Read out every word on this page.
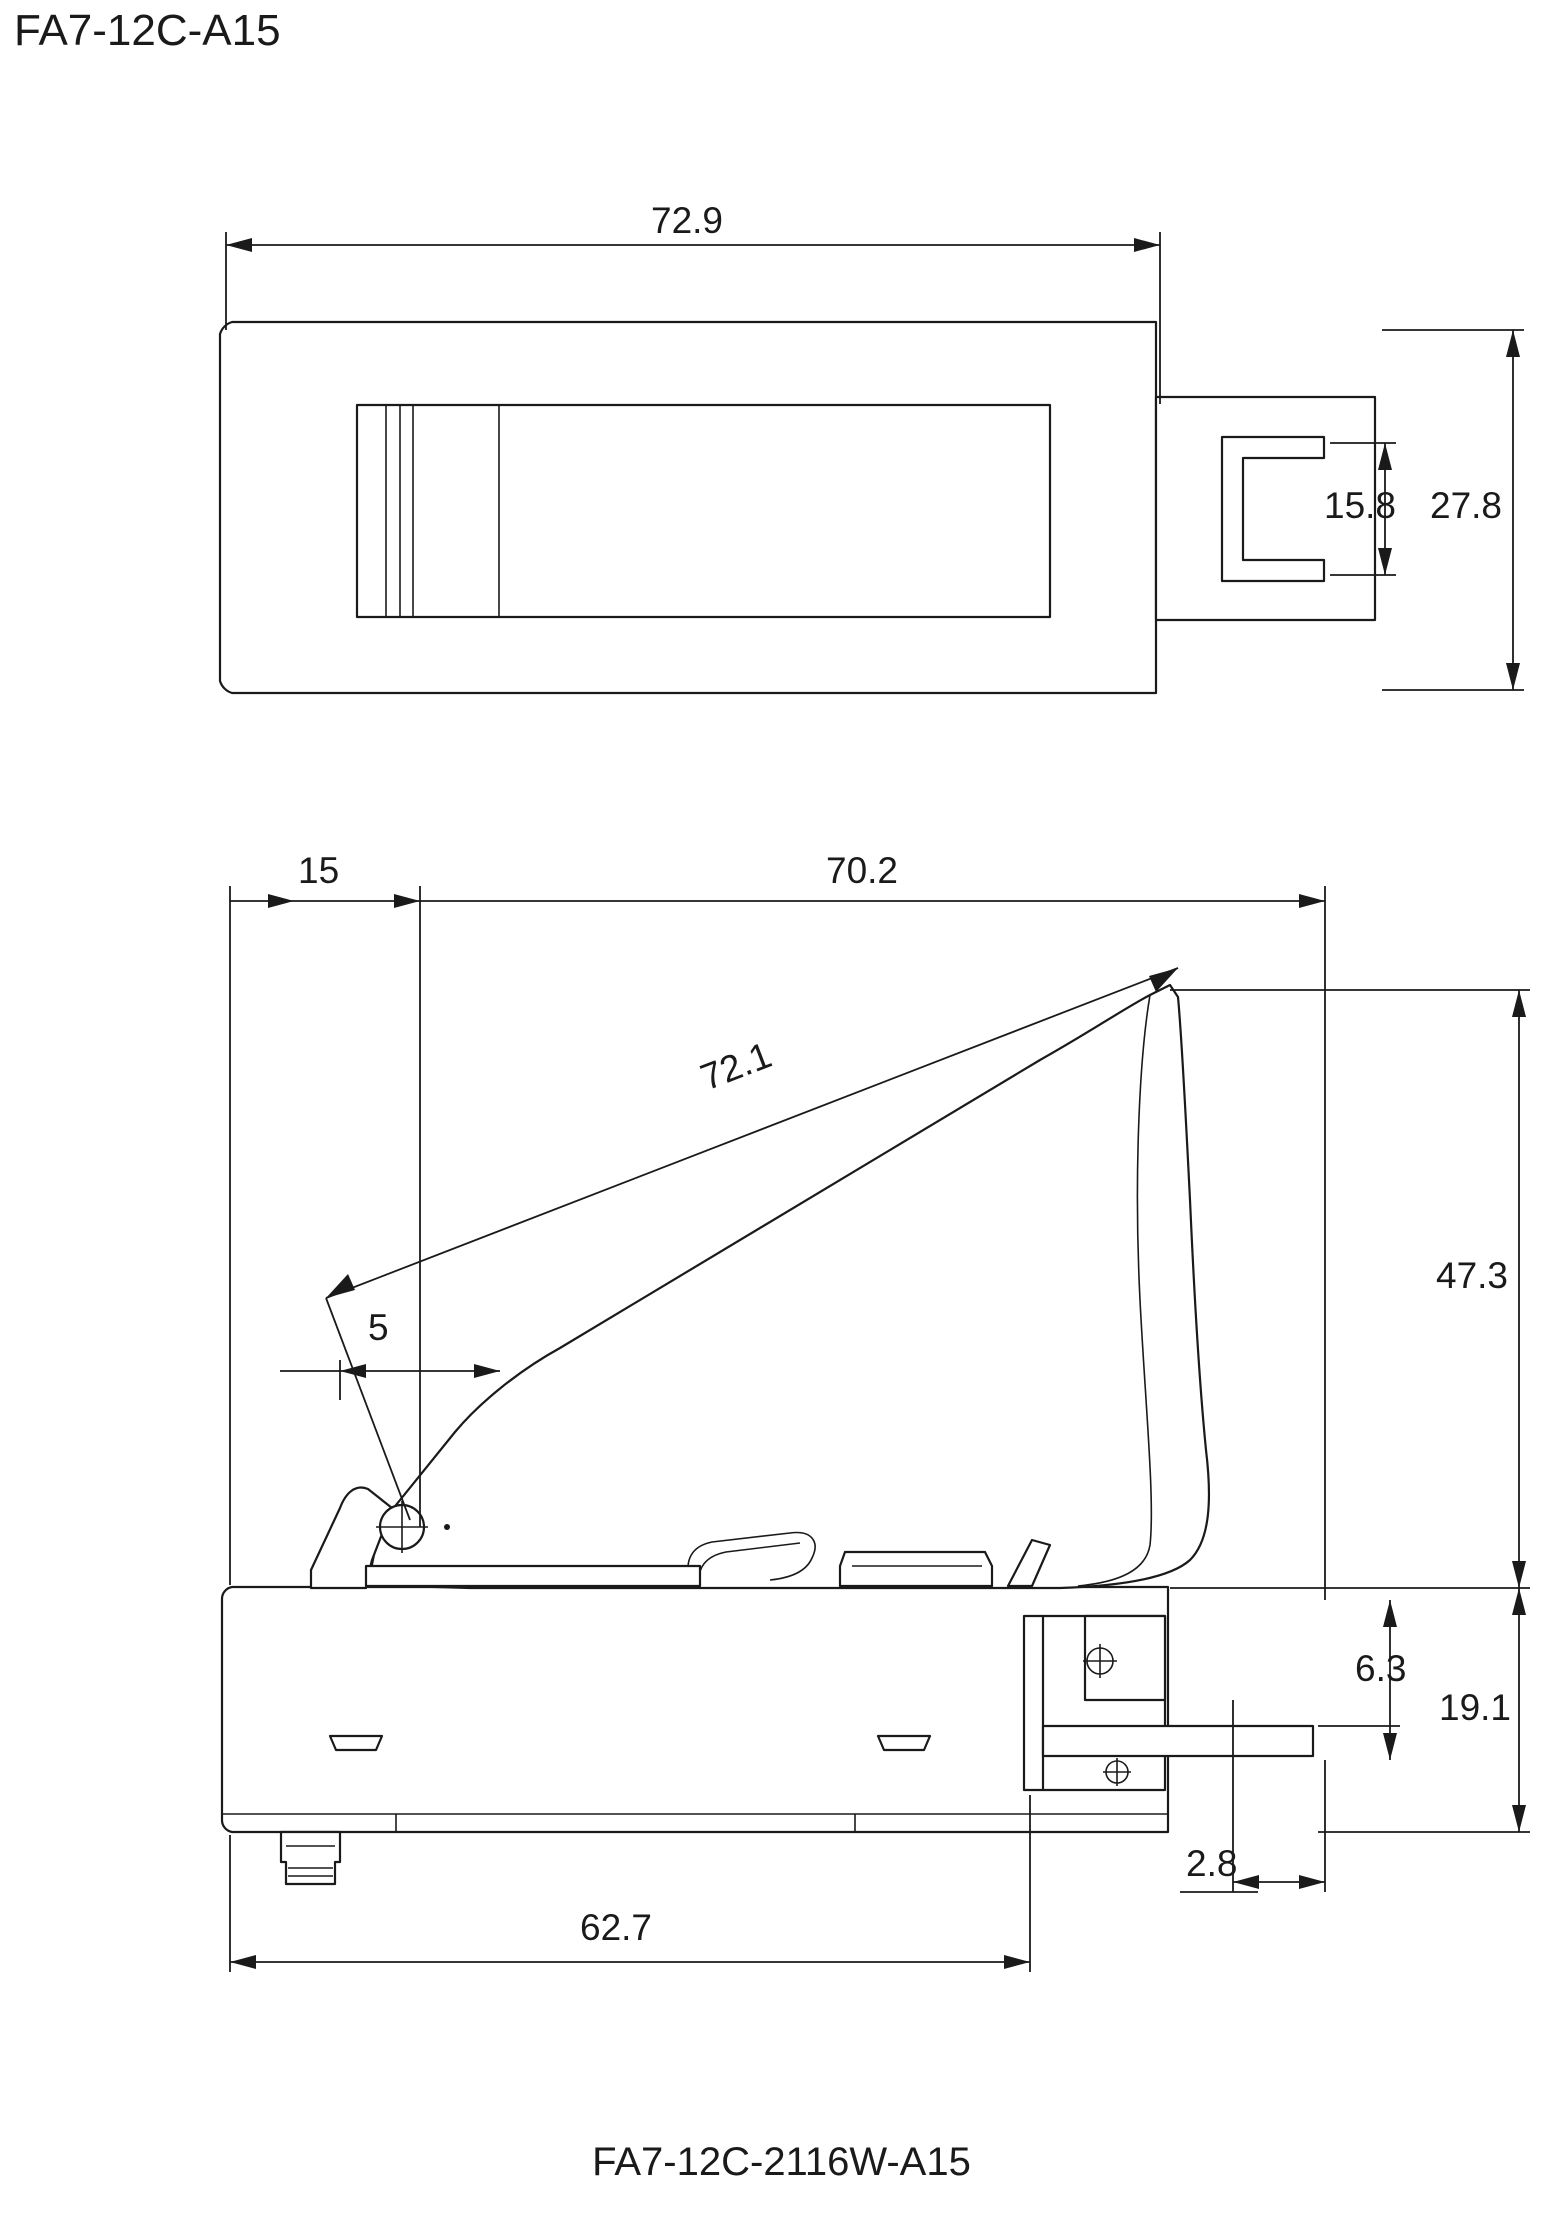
FA7-12C-A15
72.9
15.8 27.8
15	70.2
72.1
5
47.3
6.3
19.1
2.8
62.7
FA7-12C-2116W-A15
